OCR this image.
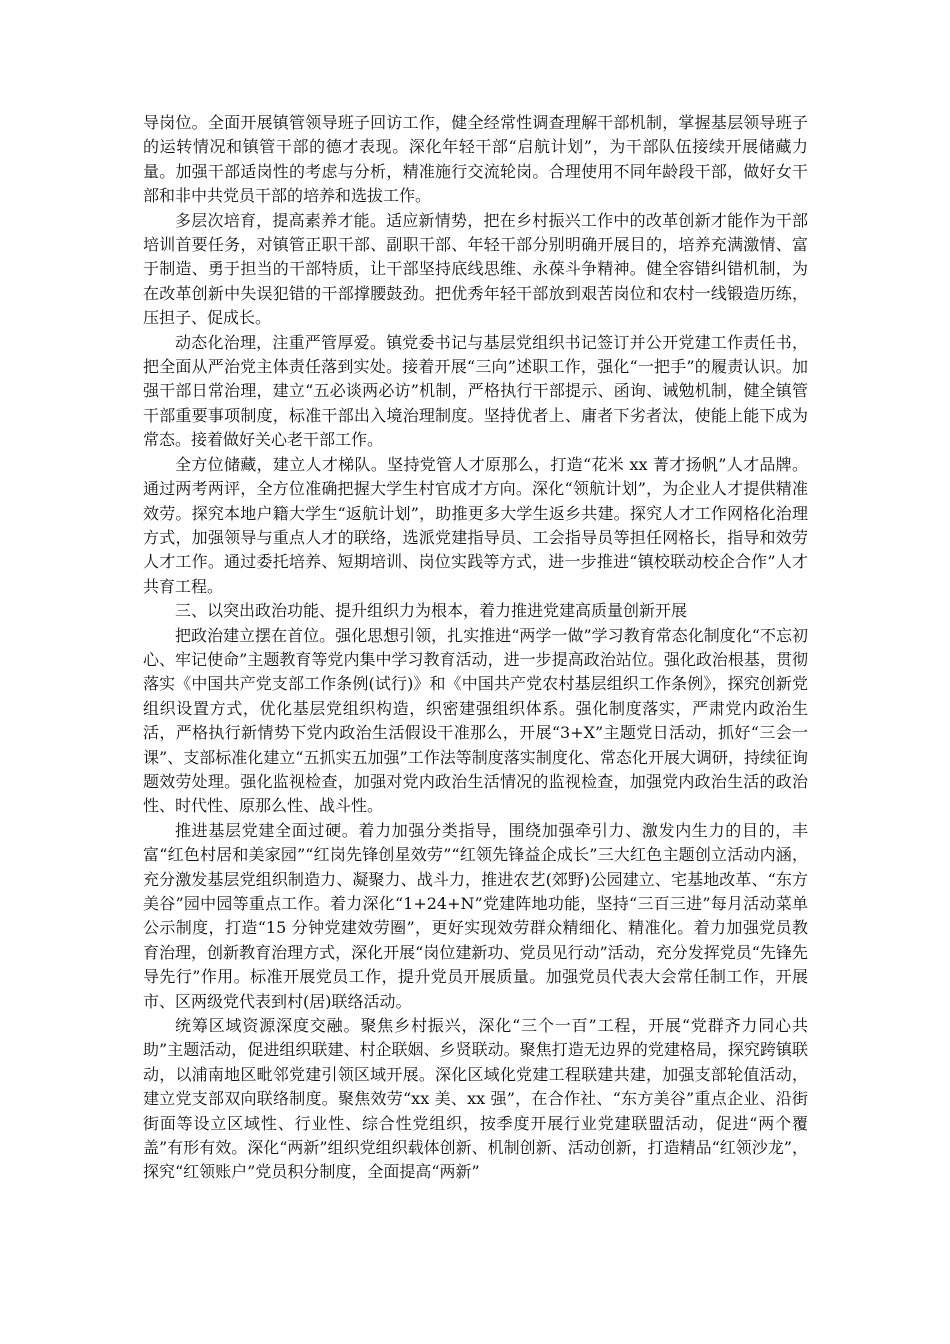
导岗位。全面开展镇管领导班子回访工作，健全经常性调查理解干部机制，掌握基层领导班子的运转情况和镇管干部的德才表现。深化年轻干部“启航计划”，为干部队伍接续开展储藏力量。加强干部适岗性的考虑与分析，精准施行交流轮岗。合理使用不同年龄段干部，做好女干部和非中共党员干部的培养和选拔工作。

多层次培育，提高素养才能。适应新情势，把在乡村振兴工作中的改革创新才能作为干部培训首要任务，对镇管正职干部、副职干部、年轻干部分别明确开展目的，培养充满激情、富于制造、勇于担当的干部特质，让干部坚持底线思维、永葆斗争精神。健全容错纠错机制，为在改革创新中失误犯错的干部撑腰鼓劲。把优秀年轻干部放到艰苦岗位和农村一线锻造历练，压担子、促成长。

动态化治理，注重严管厚爱。镇党委书记与基层党组织书记签订并公开党建工作责任书，把全面从严治党主体责任落到实处。接着开展“三向”述职工作，强化“一把手”的履责认识。加强干部日常治理，建立“五必谈两必访”机制，严格执行干部提示、函询、诫勉机制，健全镇管干部重要事项制度，标准干部出入境治理制度。坚持优者上、庸者下劣者汰，使能上能下成为常态。接着做好关心老干部工作。

全方位储藏，建立人才梯队。坚持党管人才原那么，打造“花米 xx 菁才扬帆”人才品牌。通过两考两评，全方位准确把握大学生村官成才方向。深化“领航计划”，为企业人才提供精准效劳。探究本地户籍大学生“返航计划”，助推更多大学生返乡共建。探究人才工作网格化治理方式，加强领导与重点人才的联络，选派党建指导员、工会指导员等担任网格长，指导和效劳人才工作。通过委托培养、短期培训、岗位实践等方式，进一步推进“镇校联动校企合作”人才共育工程。

三、以突出政治功能、提升组织力为根本，着力推进党建高质量创新开展

把政治建立摆在首位。强化思想引领，扎实推进“两学一做”学习教育常态化制度化“不忘初心、牢记使命”主题教育等党内集中学习教育活动，进一步提高政治站位。强化政治根基，贯彻落实《中国共产党支部工作条例(试行)》和《中国共产党农村基层组织工作条例》，探究创新党组织设置方式，优化基层党组织构造，织密建强组织体系。强化制度落实，严肃党内政治生活，严格执行新情势下党内政治生活假设干准那么，开展“3+X”主题党日活动，抓好“三会一课”、支部标准化建立“五抓实五加强”工作法等制度落实制度化、常态化开展大调研，持续征询题效劳处理。强化监视检查，加强对党内政治生活情况的监视检查，加强党内政治生活的政治性、时代性、原那么性、战斗性。

推进基层党建全面过硬。着力加强分类指导，围绕加强牵引力、激发内生力的目的，丰富“红色村居和美家园”“红岗先锋创星效劳”“红领先锋益企成长”三大红色主题创立活动内涵，充分激发基层党组织制造力、凝聚力、战斗力，推进农艺(郊野)公园建立、宅基地改革、“东方美谷”园中园等重点工作。着力深化“1+24+N”党建阵地功能，坚持“三百三进”每月活动菜单公示制度，打造“15 分钟党建效劳圈”，更好实现效劳群众精细化、精准化。着力加强党员教育治理，创新教育治理方式，深化开展“岗位建新功、党员见行动”活动，充分发挥党员“先锋先导先行”作用。标准开展党员工作，提升党员开展质量。加强党员代表大会常任制工作，开展市、区两级党代表到村(居)联络活动。

统筹区域资源深度交融。聚焦乡村振兴，深化“三个一百”工程，开展“党群齐力同心共助”主题活动，促进组织联建、村企联姻、乡贤联动。聚焦打造无边界的党建格局，探究跨镇联动，以浦南地区毗邻党建引领区域开展。深化区域化党建工程联建共建，加强支部轮值活动，建立党支部双向联络制度。聚焦效劳“xx 美、xx 强”，在合作社、“东方美谷”重点企业、沿街街面等设立区域性、行业性、综合性党组织，按季度开展行业党建联盟活动，促进“两个覆盖”有形有效。深化“两新”组织党组织载体创新、机制创新、活动创新，打造精品“红领沙龙”，探究“红领账户”党员积分制度，全面提高“两新”
